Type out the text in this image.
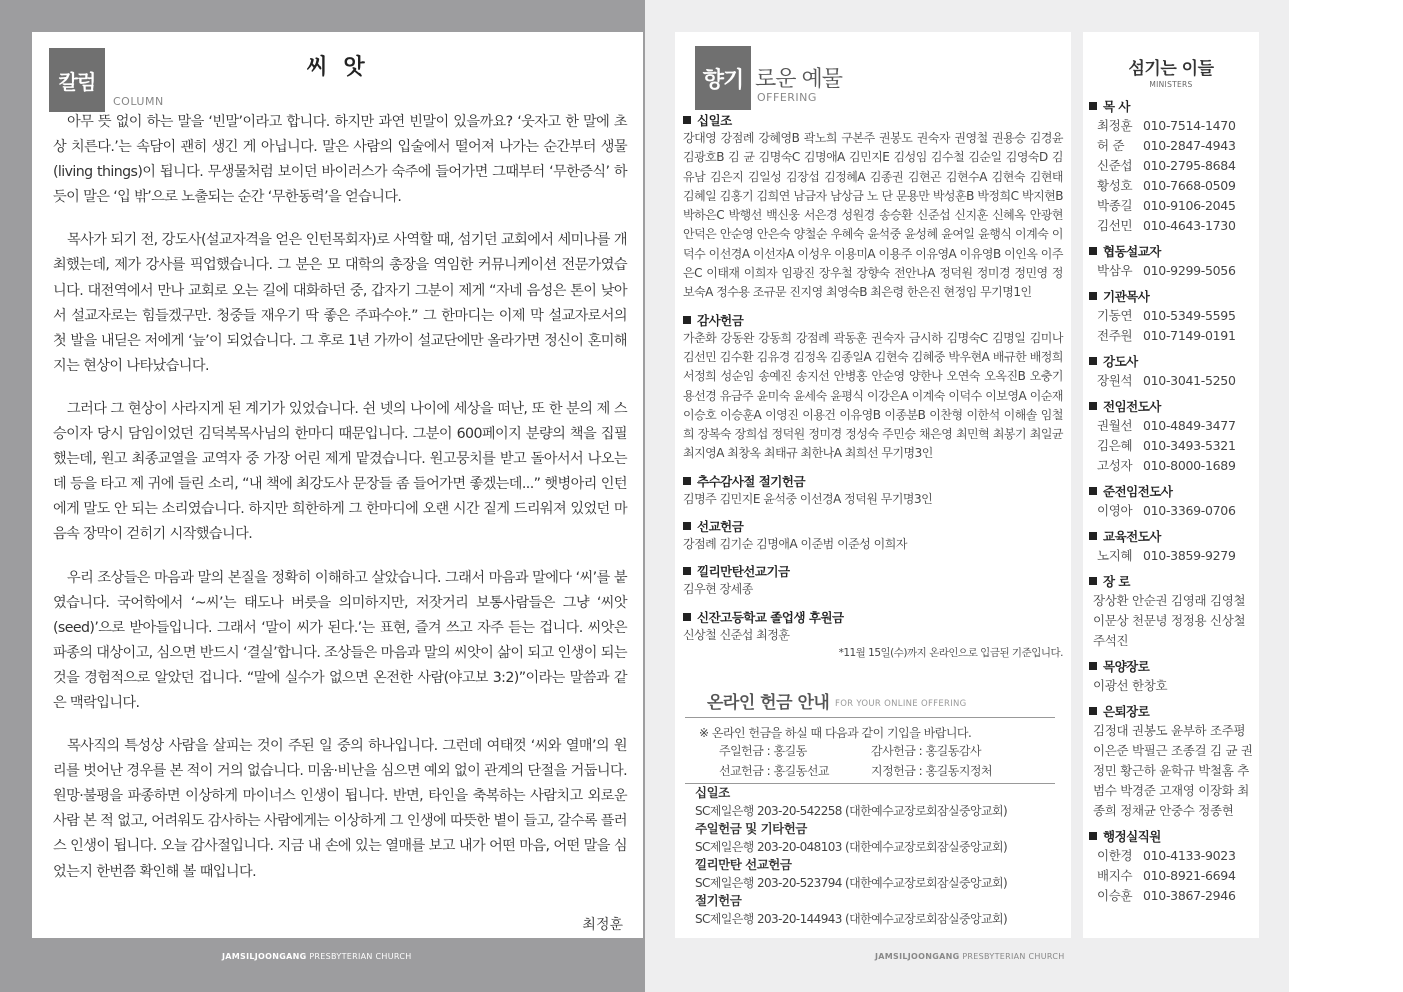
칼럼
COLUMN
씨 앗

아무 뜻 없이 하는 말을 ‘빈말’이라고 합니다. 하지만 과연 빈말이 있을까요? ‘웃자고 한 말에 초상 치른다.’는 속담이 괜히 생긴 게 아닙니다. 말은 사람의 입술에서 떨어져 나가는 순간부터 생물(living things)이 됩니다. 무생물처럼 보이던 바이러스가 숙주에 들어가면 그때부터 ‘무한증식’ 하듯이 말은 ‘입 밖’으로 노출되는 순간 ‘무한동력’을 얻습니다.

목사가 되기 전, 강도사(설교자격을 얻은 인턴목회자)로 사역할 때, 섬기던 교회에서 세미나를 개최했는데, 제가 강사를 픽업했습니다. 그 분은 모 대학의 총장을 역임한 커뮤니케이션 전문가였습니다. 대전역에서 만나 교회로 오는 길에 대화하던 중, 갑자기 그분이 제게 “자네 음성은 톤이 낮아서 설교자로는 힘들겠구만. 청중들 재우기 딱 좋은 주파수야.” 그 한마디는 이제 막 설교자로서의 첫 발을 내딛은 저에게 ‘늪’이 되었습니다. 그 후로 1년 가까이 설교단에만 올라가면 정신이 혼미해지는 현상이 나타났습니다.

그러다 그 현상이 사라지게 된 계기가 있었습니다. 쉰 넷의 나이에 세상을 떠난, 또 한 분의 제 스승이자 당시 담임이었던 김덕복목사님의 한마디 때문입니다. 그분이 600페이지 분량의 책을 집필했는데, 원고 최종교열을 교역자 중 가장 어린 제게 맡겼습니다. 원고뭉치를 받고 돌아서서 나오는데 등을 타고 제 귀에 들린 소리, “내 책에 최강도사 문장들 좀 들어가면 좋겠는데...” 햇병아리 인턴에게 말도 안 되는 소리였습니다. 하지만 희한하게 그 한마디에 오랜 시간 짙게 드리워져 있었던 마음속 장막이 걷히기 시작했습니다.

우리 조상들은 마음과 말의 본질을 정확히 이해하고 살았습니다. 그래서 마음과 말에다 ‘씨’를 붙였습니다. 국어학에서 ‘~씨’는 태도나 버릇을 의미하지만, 저잣거리 보통사람들은 그냥 ‘씨앗(seed)’으로 받아들입니다. 그래서 ‘말이 씨가 된다.’는 표현, 즐겨 쓰고 자주 듣는 겁니다. 씨앗은 파종의 대상이고, 심으면 반드시 ‘결실’합니다. 조상들은 마음과 말의 씨앗이 삶이 되고 인생이 되는 것을 경험적으로 알았던 겁니다. “말에 실수가 없으면 온전한 사람(야고보 3:2)”이라는 말씀과 같은 맥락입니다.

목사직의 특성상 사람을 살피는 것이 주된 일 중의 하나입니다. 그런데 여태껏 ‘씨와 열매’의 원리를 벗어난 경우를 본 적이 거의 없습니다. 미움·비난을 심으면 예외 없이 관계의 단절을 거둡니다. 원망·불평을 파종하면 이상하게 마이너스 인생이 됩니다. 반면, 타인을 축복하는 사람치고 외로운 사람 본 적 없고, 어려워도 감사하는 사람에게는 이상하게 그 인생에 따뜻한 볕이 들고, 갈수록 플러스 인생이 됩니다. 오늘 감사절입니다. 지금 내 손에 있는 열매를 보고 내가 어떤 마음, 어떤 말을 심었는지 한번쯤 확인해 볼 때입니다.

최정훈
향기 로운 예물
OFFERING
십일조
강대영 강점례 강혜영B 곽노희 구본주 권봉도 권숙자 권영철 권용승 김경윤 김광호B 김 균 김명숙C 김명애A 김민지E 김성임 김수철 김순일 김영숙D 김유남 김은지 김일성 김장섭 김정혜A 김종권 김현곤 김현수A 김현숙 김현태 김혜일 김홍기 김희연 남금자 남상금 노 단 문용만 박성훈B 박정희C 박지현B 박하은C 박행선 백신웅 서은경 성원경 송승환 신준섭 신지훈 신혜옥 안광현 안덕은 안순영 안은숙 양철순 우혜숙 윤석중 윤성혜 윤여일 윤행식 이계숙 이덕수 이선경A 이선자A 이성우 이용미A 이용주 이유영A 이유영B 이인옥 이주은C 이태재 이희자 임광진 장우철 장향숙 전안나A 정덕원 정미경 정민영 정보숙A 정수용 조규문 진지영 최영숙B 최은령 한은진 현정임 무기명1인
감사헌금
가춘화 강동완 강동희 강점례 곽동훈 권숙자 금시하 김명숙C 김명일 김미나 김선민 김수환 김유경 김정옥 김종일A 김현숙 김혜중 박우현A 배규한 배정희 서정희 성순임 송예진 송지선 안병홍 안순영 양한나 오연숙 오옥진B 오충기 용선경 유금주 윤미숙 윤세숙 윤평식 이강은A 이계숙 이덕수 이보영A 이순재 이승호 이승훈A 이영진 이용건 이유영B 이종분B 이찬형 이한석 이해솔 임철희 장복숙 장희섭 정덕원 정미경 정성숙 주민승 채은영 최민혁 최봉기 최일균 최지영A 최창옥 최태규 최한나A 최희선 무기명3인
추수감사절 절기헌금
김명주 김민지E 윤석중 이선경A 정덕원 무기명3인
선교헌금
강점례 김기순 김명애A 이준범 이준성 이희자
낄리만탄선교기금
김우현 장세종
신잔고등학교 졸업생 후원금
신상철 신준섭 최정훈
*11월 15일(수)까지 온라인으로 입금된 기준입니다.
온라인 헌금 안내 FOR YOUR ONLINE OFFERING
※ 온라인 헌금을 하실 때 다음과 같이 기입을 바랍니다.
주일헌금 : 홍길동	감사헌금 : 홍길동감사
선교헌금 : 홍길동선교	지정헌금 : 홍길동지정처
십일조
SC제일은행 203-20-542258 (대한예수교장로회잠실중앙교회)
주일헌금 및 기타헌금
SC제일은행 203-20-048103 (대한예수교장로회잠실중앙교회)
낄리만탄 선교헌금
SC제일은행 203-20-523794 (대한예수교장로회잠실중앙교회)
절기헌금
SC제일은행 203-20-144943 (대한예수교장로회잠실중앙교회)
섬기는 이들
MINISTERS
목 사
최정훈 010-7514-1470
허 준 010-2847-4943
신준섭 010-2795-8684
황성호 010-7668-0509
박종길 010-9106-2045
김선민 010-4643-1730
협동설교자
박삼우 010-9299-5056
기관목사
기동연 010-5349-5595
전주원 010-7149-0191
강도사
장원석 010-3041-5250
전임전도사
권월선 010-4849-3477
김은혜 010-3493-5321
고성자 010-8000-1689
준전임전도사
이영아 010-3369-0706
교육전도사
노지혜 010-3859-9279
장 로
장상환 안순권 김영래 김영철 이문상 천문녕 정정용 신상철 주석진
목양장로
이광선 한창호
은퇴장로
김정대 권봉도 윤부하 조주평 이은준 박필근 조종걸 김 균 권정민 황근하 윤학규 박철홈 추범수 박경준 고재영 이장화 최종희 정채균 안중수 정종현
행정실직원
이한경 010-4133-9023
배지수 010-8921-6694
이승훈 010-3867-2946
JAMSILJOONGANG PRESBYTERIAN CHURCH	JAMSILJOONGANG PRESBYTERIAN CHURCH
